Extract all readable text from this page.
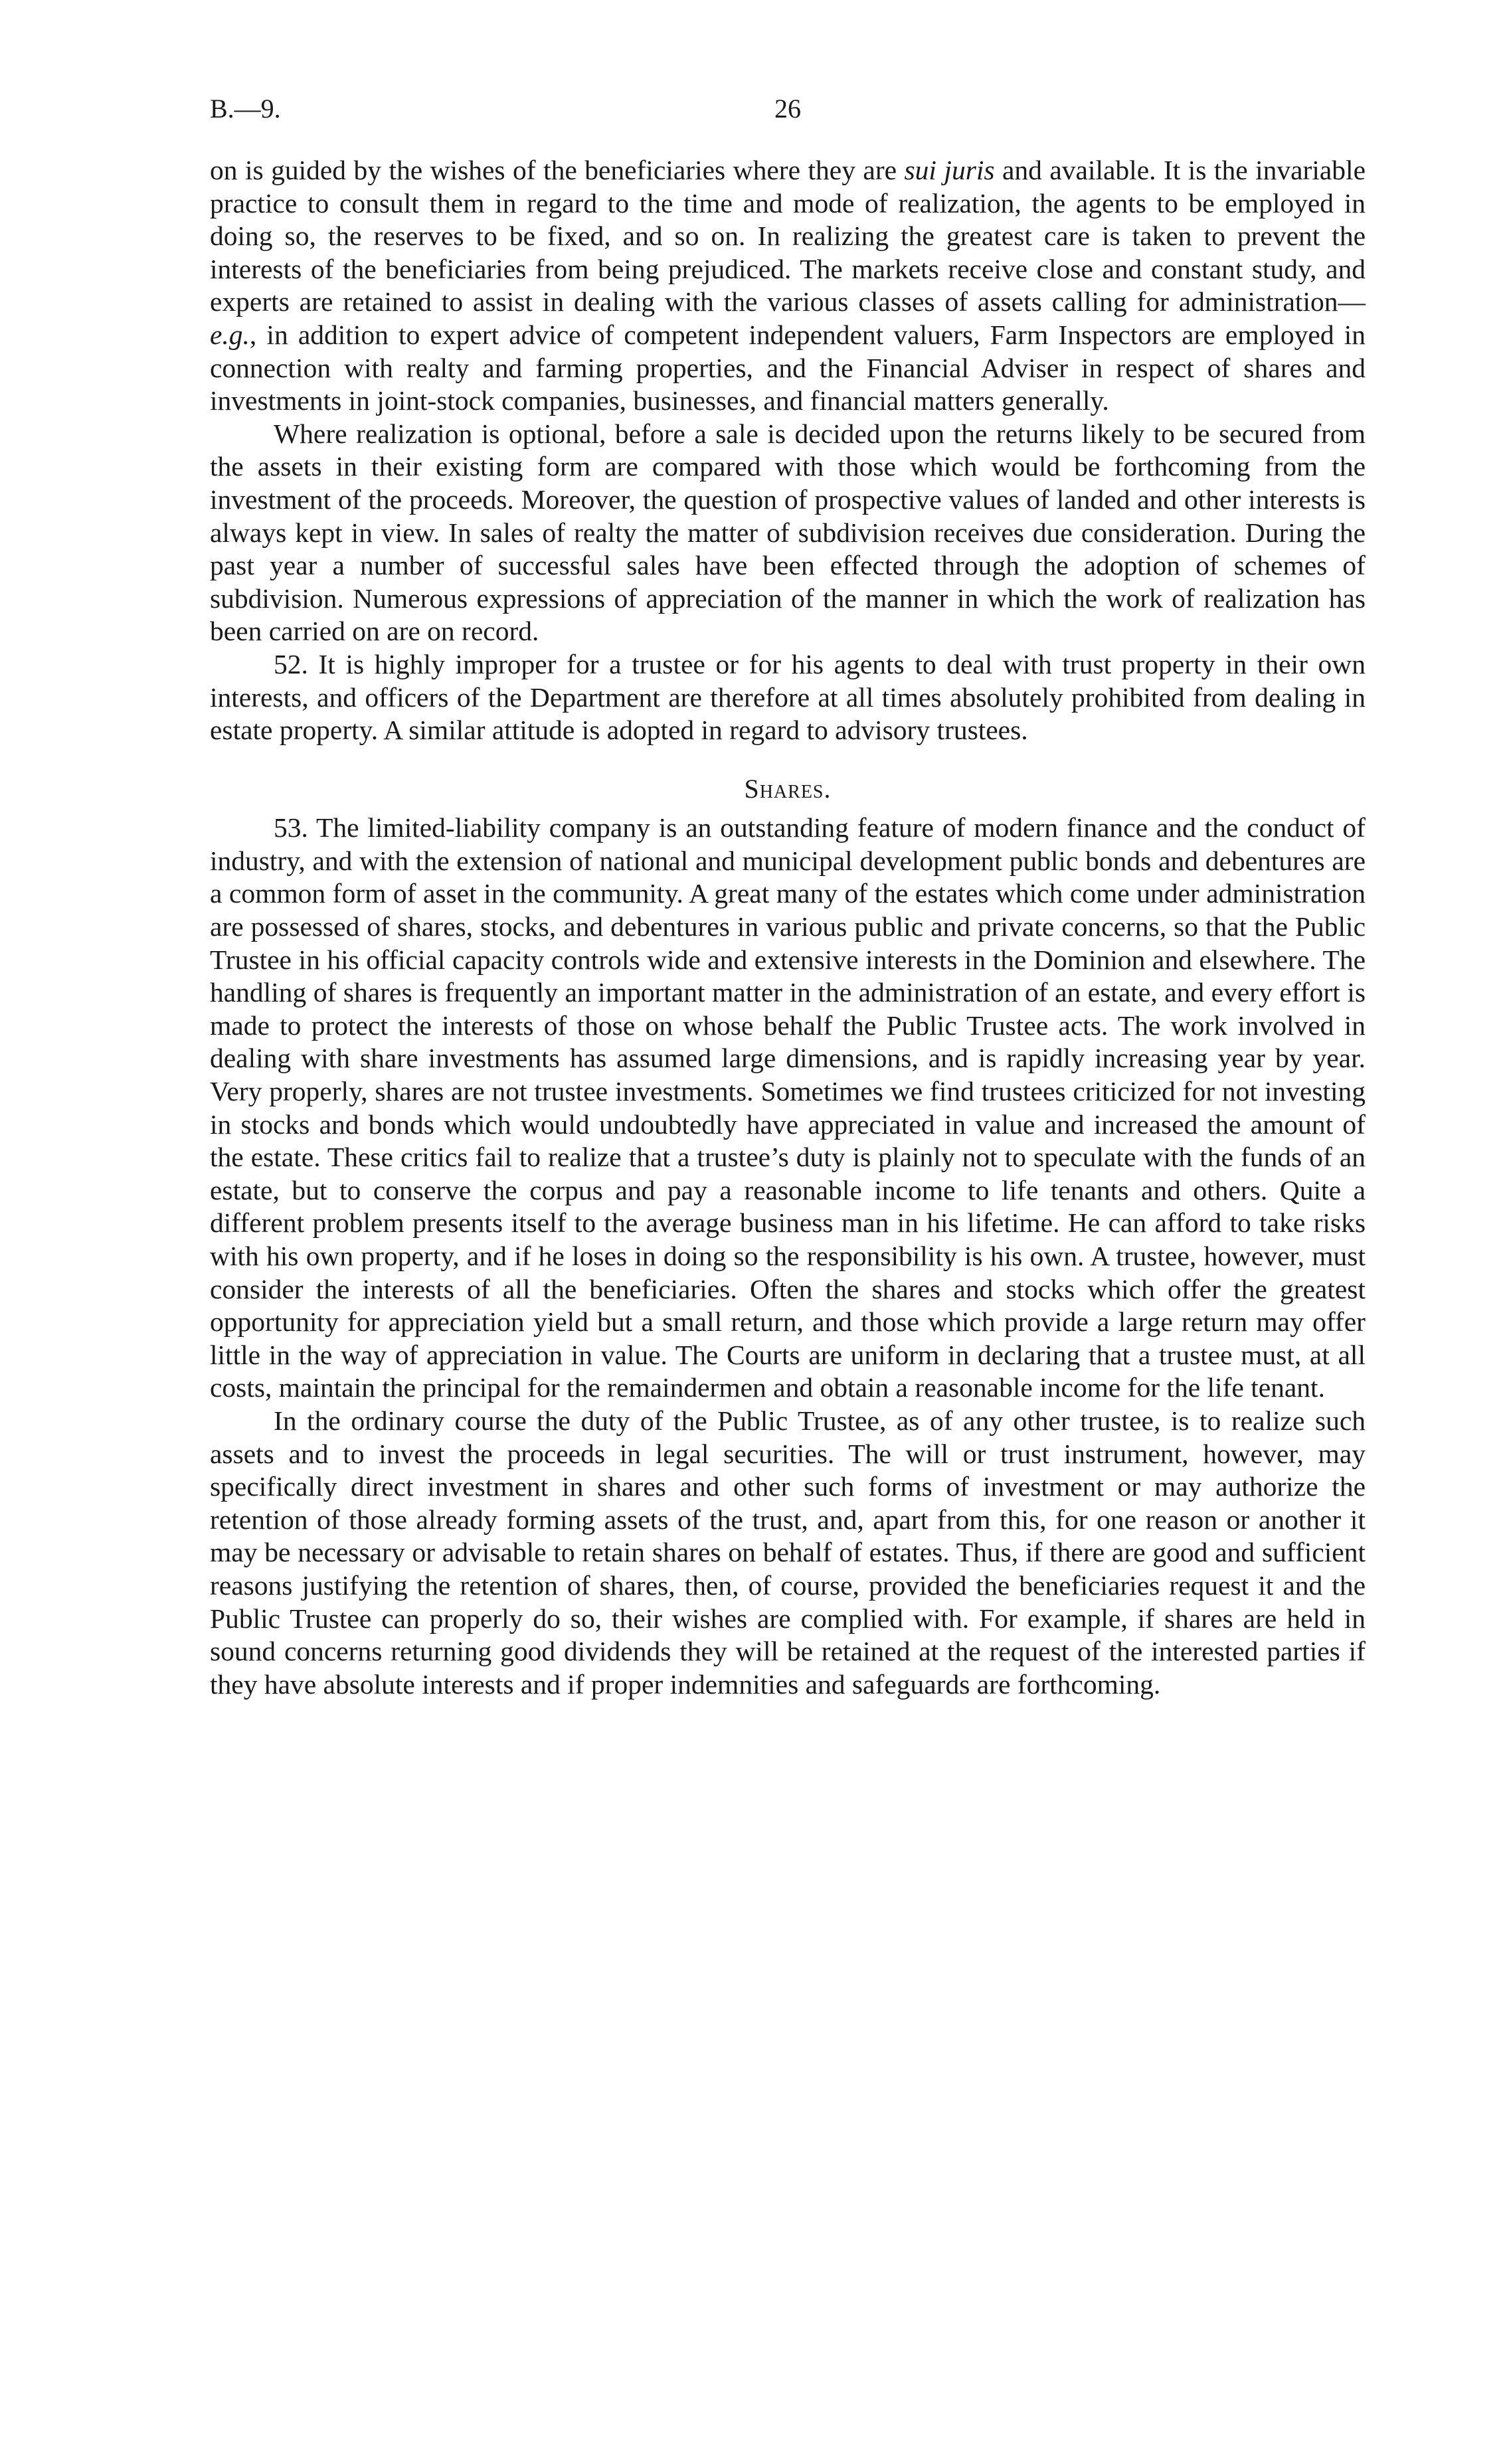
B.—9.	26

on is guided by the wishes of the beneficiaries where they are sui juris and available. It is the invariable practice to consult them in regard to the time and mode of realization, the agents to be employed in doing so, the reserves to be fixed, and so on. In realizing the greatest care is taken to prevent the interests of the beneficiaries from being prejudiced. The markets receive close and constant study, and experts are retained to assist in dealing with the various classes of assets calling for administration—e.g., in addition to expert advice of competent independent valuers, Farm Inspectors are employed in connection with realty and farming properties, and the Financial Adviser in respect of shares and investments in joint-stock companies, businesses, and financial matters generally.

Where realization is optional, before a sale is decided upon the returns likely to be secured from the assets in their existing form are compared with those which would be forthcoming from the investment of the proceeds. Moreover, the question of prospective values of landed and other interests is always kept in view. In sales of realty the matter of subdivision receives due consideration. During the past year a number of successful sales have been effected through the adoption of schemes of subdivision. Numerous expressions of appreciation of the manner in which the work of realization has been carried on are on record.

52. It is highly improper for a trustee or for his agents to deal with trust property in their own interests, and officers of the Department are therefore at all times absolutely prohibited from dealing in estate property. A similar attitude is adopted in regard to advisory trustees.

Shares.

53. The limited-liability company is an outstanding feature of modern finance and the conduct of industry, and with the extension of national and municipal development public bonds and debentures are a common form of asset in the community. A great many of the estates which come under administration are possessed of shares, stocks, and debentures in various public and private concerns, so that the Public Trustee in his official capacity controls wide and extensive interests in the Dominion and elsewhere. The handling of shares is frequently an important matter in the administration of an estate, and every effort is made to protect the interests of those on whose behalf the Public Trustee acts. The work involved in dealing with share investments has assumed large dimensions, and is rapidly increasing year by year. Very properly, shares are not trustee investments. Sometimes we find trustees criticized for not investing in stocks and bonds which would undoubtedly have appreciated in value and increased the amount of the estate. These critics fail to realize that a trustee’s duty is plainly not to speculate with the funds of an estate, but to conserve the corpus and pay a reasonable income to life tenants and others. Quite a different problem presents itself to the average business man in his lifetime. He can afford to take risks with his own property, and if he loses in doing so the responsibility is his own. A trustee, however, must consider the interests of all the beneficiaries. Often the shares and stocks which offer the greatest opportunity for appreciation yield but a small return, and those which provide a large return may offer little in the way of appreciation in value. The Courts are uniform in declaring that a trustee must, at all costs, maintain the principal for the remaindermen and obtain a reasonable income for the life tenant.

In the ordinary course the duty of the Public Trustee, as of any other trustee, is to realize such assets and to invest the proceeds in legal securities. The will or trust instrument, however, may specifically direct investment in shares and other such forms of investment or may authorize the retention of those already forming assets of the trust, and, apart from this, for one reason or another it may be necessary or advisable to retain shares on behalf of estates. Thus, if there are good and sufficient reasons justifying the retention of shares, then, of course, provided the beneficiaries request it and the Public Trustee can properly do so, their wishes are complied with. For example, if shares are held in sound concerns returning good dividends they will be retained at the request of the interested parties if they have absolute interests and if proper indemnities and safeguards are forthcoming.
